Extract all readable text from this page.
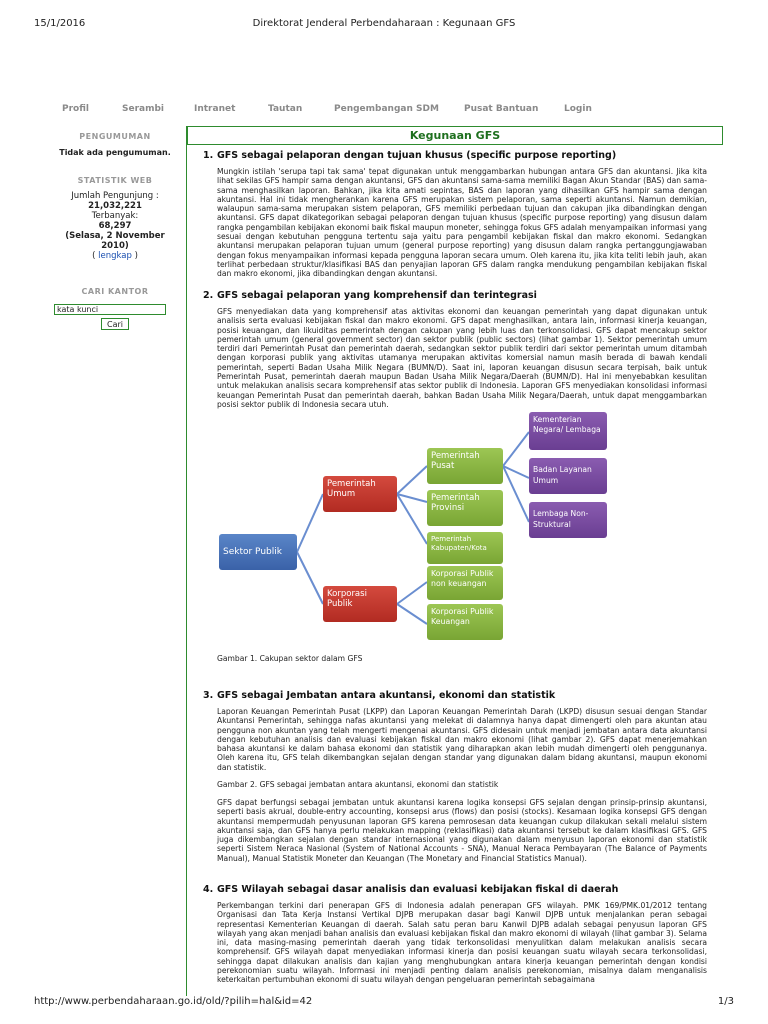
15/1/2016	Direktorat Jenderal Perbendaharaan : Kegunaan GFS
Profil	Serambi	Intranet	Tautan	Pengembangan SDM	Pusat Bantuan	Login
PENGUMUMAN
Tidak ada pengumuman.
STATISTIK WEB
Jumlah Pengunjung :
21,032,221
Terbanyak:
68,297
(Selasa, 2 November 2010)
( lengkap )
CARI KANTOR
kata kunci
Cari
Kegunaan GFS
1. GFS sebagai pelaporan dengan tujuan khusus (specific purpose reporting)
Mungkin istilah 'serupa tapi tak sama' tepat digunakan untuk menggambarkan hubungan antara GFS dan akuntansi. Jika kita lihat sekilas GFS hampir sama dengan akuntansi, GFS dan akuntansi sama-sama memiliki Bagan Akun Standar (BAS) dan sama-sama menghasilkan laporan. Bahkan, jika kita amati sepintas, BAS dan laporan yang dihasilkan GFS hampir sama dengan akuntansi. Hal ini tidak mengherankan karena GFS merupakan sistem pelaporan, sama seperti akuntansi. Namun demikian, walaupun sama-sama merupakan sistem pelaporan, GFS memiliki perbedaan tujuan dan cakupan jika dibandingkan dengan akuntansi. GFS dapat dikategorikan sebagai pelaporan dengan tujuan khusus (specific purpose reporting) yang disusun dalam rangka pengambilan kebijakan ekonomi baik fiskal maupun moneter, sehingga fokus GFS adalah menyampaikan informasi yang sesuai dengan kebutuhan pengguna tertentu saja yaitu para pengambil kebijakan fiskal dan makro ekonomi. Sedangkan akuntansi merupakan pelaporan tujuan umum (general purpose reporting) yang disusun dalam rangka pertanggungjawaban dengan fokus menyampaikan informasi kepada pengguna laporan secara umum. Oleh karena itu, jika kita teliti lebih jauh, akan terlihat perbedaan struktur/klasifikasi BAS dan penyajian laporan GFS dalam rangka mendukung pengambilan kebijakan fiskal dan makro ekonomi, jika dibandingkan dengan akuntansi.
2. GFS sebagai pelaporan yang komprehensif dan terintegrasi
GFS menyediakan data yang komprehensif atas aktivitas ekonomi dan keuangan pemerintah yang dapat digunakan untuk analisis serta evaluasi kebijakan fiskal dan makro ekonomi. GFS dapat menghasilkan, antara lain, informasi kinerja keuangan, posisi keuangan, dan likuiditas pemerintah dengan cakupan yang lebih luas dan terkonsolidasi. GFS dapat mencakup sektor pemerintah umum (general government sector) dan sektor publik (public sectors) (lihat gambar 1). Sektor pemerintah umum terdiri dari Pemerintah Pusat dan pemerintah daerah, sedangkan sektor publik terdiri dari sektor pemerintah umum ditambah dengan korporasi publik yang aktivitas utamanya merupakan aktivitas komersial namun masih berada di bawah kendali pemerintah, seperti Badan Usaha Milik Negara (BUMN/D). Saat ini, laporan keuangan disusun secara terpisah, baik untuk Pemerintah Pusat, pemerintah daerah maupun Badan Usaha Milik Negara/Daerah (BUMN/D). Hal ini menyebabkan kesulitan untuk melakukan analisis secara komprehensif atas sektor publik di Indonesia. Laporan GFS menyediakan konsolidasi informasi keuangan Pemerintah Pusat dan pemerintah daerah, bahkan Badan Usaha Milik Negara/Daerah, untuk dapat menggambarkan posisi sektor publik di Indonesia secara utuh.
Sektor Publik
Pemerintah Umum
Korporasi Publik
Pemerintah Pusat
Pemerintah Provinsi
Pemerintah Kabupaten/Kota
Korporasi Publik non keuangan
Korporasi Publik Keuangan
Kementerian Negara/ Lembaga
Badan Layanan Umum
Lembaga Non-Struktural
Gambar 1. Cakupan sektor dalam GFS
3. GFS sebagai Jembatan antara akuntansi, ekonomi dan statistik
Laporan Keuangan Pemerintah Pusat (LKPP) dan Laporan Keuangan Pemerintah Darah (LKPD) disusun sesuai dengan Standar Akuntansi Pemerintah, sehingga nafas akuntansi yang melekat di dalamnya hanya dapat dimengerti oleh para akuntan atau pengguna non akuntan yang telah mengerti mengenai akuntansi. GFS didesain untuk menjadi jembatan antara data akuntansi dengan kebutuhan analisis dan evaluasi kebijakan fiskal dan makro ekonomi (lihat gambar 2). GFS dapat menerjemahkan bahasa akuntansi ke dalam bahasa ekonomi dan statistik yang diharapkan akan lebih mudah dimengerti oleh penggunanya. Oleh karena itu, GFS telah dikembangkan sejalan dengan standar yang digunakan dalam bidang akuntansi, maupun ekonomi dan statistik.
Gambar 2. GFS sebagai jembatan antara akuntansi, ekonomi dan statistik
GFS dapat berfungsi sebagai jembatan untuk akuntansi karena logika konsepsi GFS sejalan dengan prinsip-prinsip akuntansi, seperti basis akrual, double-entry accounting, konsepsi arus (flows) dan posisi (stocks). Kesamaan logika konsepsi GFS dengan akuntansi mempermudah penyusunan laporan GFS karena pemrosesan data keuangan cukup dilakukan sekali melalui sistem akuntansi saja, dan GFS hanya perlu melakukan mapping (reklasifikasi) data akuntansi tersebut ke dalam klasifikasi GFS. GFS juga dikembangkan sejalan dengan standar internasional yang digunakan dalam menyusun laporan ekonomi dan statistik seperti Sistem Neraca Nasional (System of National Accounts - SNA), Manual Neraca Pembayaran (The Balance of Payments Manual), Manual Statistik Moneter dan Keuangan (The Monetary and Financial Statistics Manual).
4. GFS Wilayah sebagai dasar analisis dan evaluasi kebijakan fiskal di daerah
Perkembangan terkini dari penerapan GFS di Indonesia adalah penerapan GFS wilayah. PMK 169/PMK.01/2012 tentang Organisasi dan Tata Kerja Instansi Vertikal DJPB merupakan dasar bagi Kanwil DJPB untuk menjalankan peran sebagai representasi Kementerian Keuangan di daerah. Salah satu peran baru Kanwil DJPB adalah sebagai penyusun laporan GFS wilayah yang akan menjadi bahan analisis dan evaluasi kebijakan fiskal dan makro ekonomi di wilayah (lihat gambar 3). Selama ini, data masing-masing pemerintah daerah yang tidak terkonsolidasi menyulitkan dalam melakukan analisis secara komprehensif. GFS wilayah dapat menyediakan informasi kinerja dan posisi keuangan suatu wilayah secara terkonsolidasi, sehingga dapat dilakukan analisis dan kajian yang menghubungkan antara kinerja keuangan pemerintah dengan kondisi perekonomian suatu wilayah. Informasi ini menjadi penting dalam analisis perekonomian, misalnya dalam menganalisis keterkaitan pertumbuhan ekonomi di suatu wilayah dengan pengeluaran pemerintah sebagaimana
http://www.perbendaharaan.go.id/old/?pilih=hal&id=42	1/3
